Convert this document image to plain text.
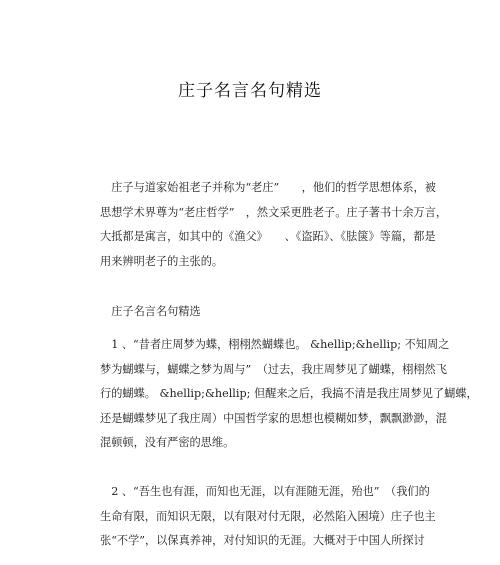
庄子名言名句精选
　庄子与道家始祖老子并称为“老庄”　　，他们的哲学思想体系，被
思想学术界尊为“老庄哲学”　，然文采更胜老子。庄子著书十余万言，
大抵都是寓言，如其中的《渔父》　　、《盗跖》、《胠箧》等篇，都是
用来辨明老子的主张的。
　庄子名言名句精选
　1 、“昔者庄周梦为蝶，栩栩然蝴蝶也。 &hellip;&hellip; 不知周之
梦为蝴蝶与，蝴蝶之梦为周与”　（过去，我庄周梦见了蝴蝶，栩栩然飞
行的蝴蝶。 &hellip;&hellip; 但醒来之后，我搞不清是我庄周梦见了蝴蝶，
还是蝴蝶梦见了我庄周）中国哲学家的思想也模糊如梦，飘飘渺渺，混
混顿顿，没有严密的思维。
　2 、“吾生也有涯，而知也无涯，以有涯随无涯，殆也”　（我们的
生命有限，而知识无限，以有限对付无限，必然陷入困境）庄子也主
张“不学”，以保真养神，对付知识的无涯。大概对于中国人所探讨
